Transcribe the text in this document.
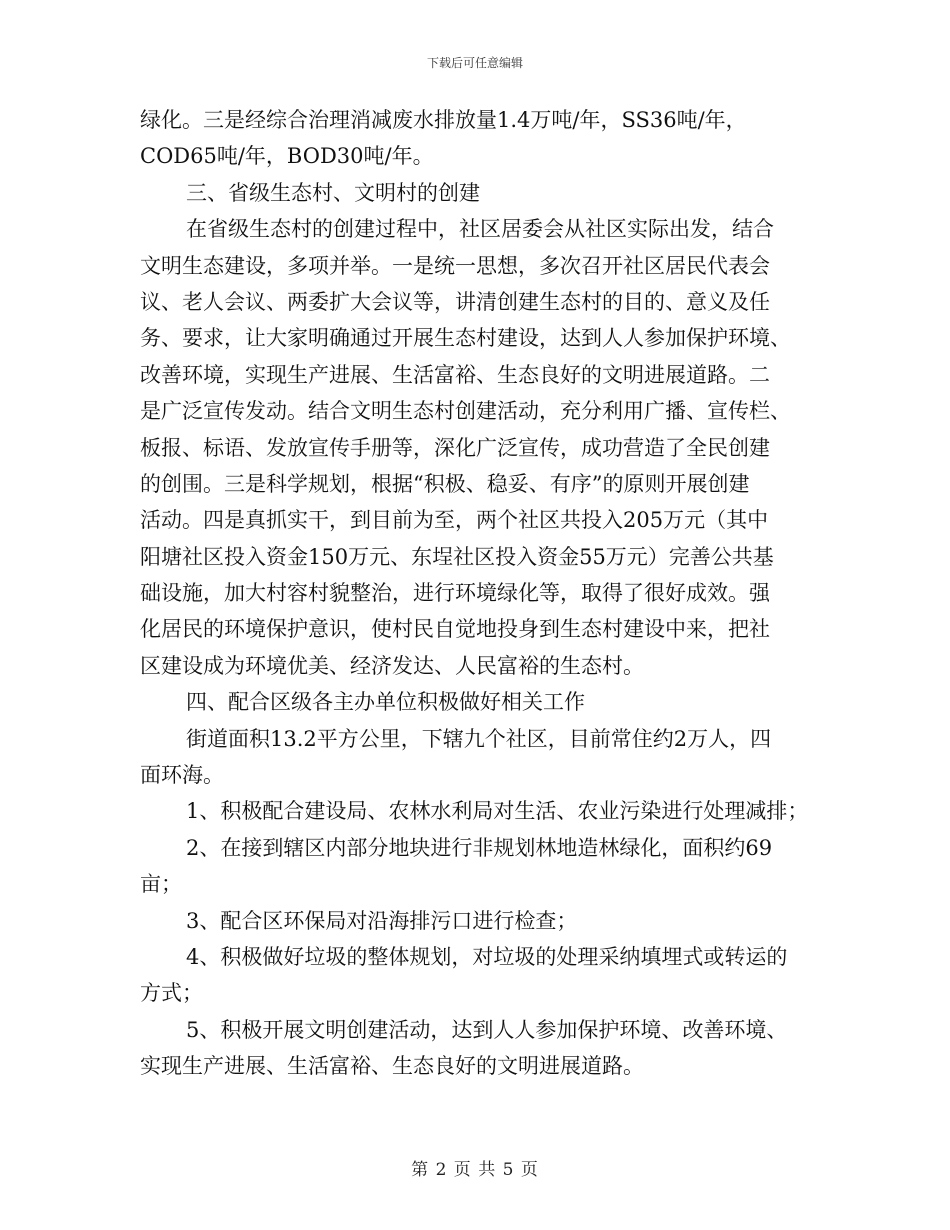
下载后可任意编辑
绿化。三是经综合治理消减废水排放量1.4万吨/年，SS36吨/年，
COD65吨/年，BOD30吨/年。
三、省级生态村、文明村的创建
在省级生态村的创建过程中，社区居委会从社区实际出发，结合
文明生态建设，多项并举。一是统一思想，多次召开社区居民代表会
议、老人会议、两委扩大会议等，讲清创建生态村的目的、意义及任
务、要求，让大家明确通过开展生态村建设，达到人人参加保护环境、
改善环境，实现生产进展、生活富裕、生态良好的文明进展道路。二
是广泛宣传发动。结合文明生态村创建活动，充分利用广播、宣传栏、
板报、标语、发放宣传手册等，深化广泛宣传，成功营造了全民创建
的创围。三是科学规划，根据“积极、稳妥、有序”的原则开展创建
活动。四是真抓实干，到目前为至，两个社区共投入205万元（其中
阳塘社区投入资金150万元、东埕社区投入资金55万元）完善公共基
础设施，加大村容村貌整治，进行环境绿化等，取得了很好成效。强
化居民的环境保护意识，使村民自觉地投身到生态村建设中来，把社
区建设成为环境优美、经济发达、人民富裕的生态村。
四、配合区级各主办单位积极做好相关工作
街道面积13.2平方公里，下辖九个社区，目前常住约2万人，四
面环海。
1、积极配合建设局、农林水利局对生活、农业污染进行处理减排；
2、在接到辖区内部分地块进行非规划林地造林绿化，面积约69
亩；
3、配合区环保局对沿海排污口进行检查；
4、积极做好垃圾的整体规划，对垃圾的处理采纳填埋式或转运的
方式；
5、积极开展文明创建活动，达到人人参加保护环境、改善环境、
实现生产进展、生活富裕、生态良好的文明进展道路。
第 2 页 共 5 页
